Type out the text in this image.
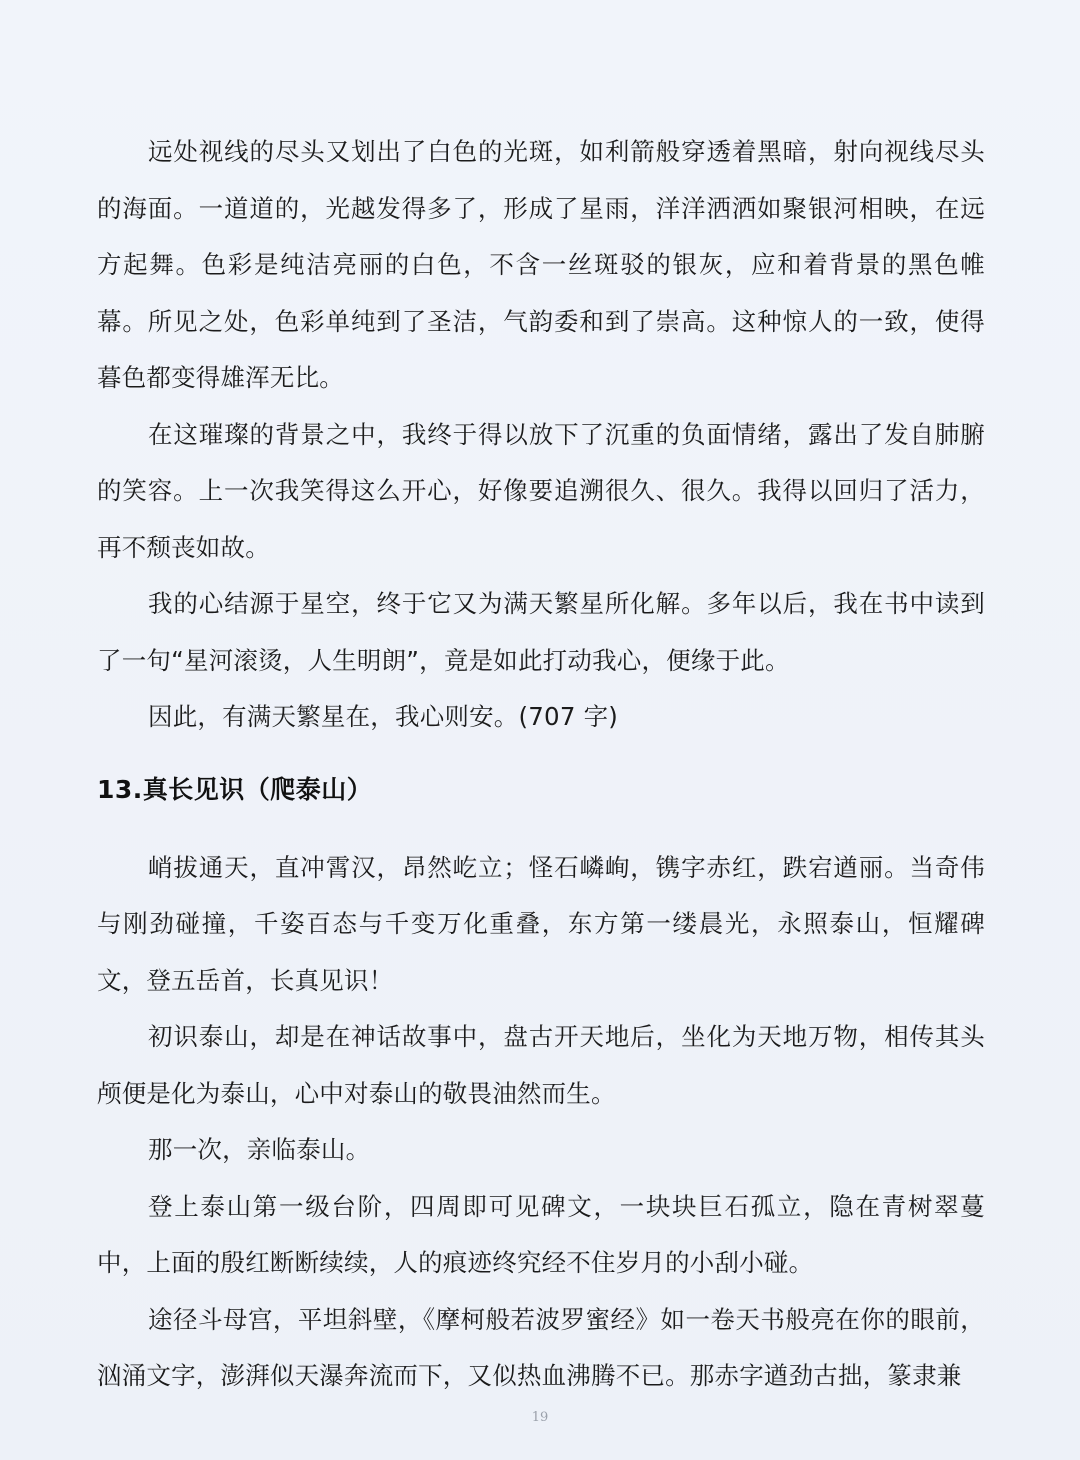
远处视线的尽头又划出了白色的光斑，如利箭般穿透着黑暗，射向视线尽头的海面。一道道的，光越发得多了，形成了星雨，洋洋洒洒如聚银河相映，在远方起舞。色彩是纯洁亮丽的白色，不含一丝斑驳的银灰，应和着背景的黑色帷幕。所见之处，色彩单纯到了圣洁，气韵委和到了崇高。这种惊人的一致，使得暮色都变得雄浑无比。

在这璀璨的背景之中，我终于得以放下了沉重的负面情绪，露出了发自肺腑的笑容。上一次我笑得这么开心，好像要追溯很久、很久。我得以回归了活力，再不颓丧如故。

我的心结源于星空，终于它又为满天繁星所化解。多年以后，我在书中读到了一句“星河滚烫，人生明朗”，竟是如此打动我心，便缘于此。

因此，有满天繁星在，我心则安。(707 字)

13.真长见识（爬泰山）

峭拔通天，直冲霄汉，昂然屹立；怪石嶙峋，镌字赤红，跌宕遒丽。当奇伟与刚劲碰撞，千姿百态与千变万化重叠，东方第一缕晨光，永照泰山，恒耀碑文，登五岳首，长真见识！

初识泰山，却是在神话故事中，盘古开天地后，坐化为天地万物，相传其头颅便是化为泰山，心中对泰山的敬畏油然而生。

那一次，亲临泰山。

登上泰山第一级台阶，四周即可见碑文，一块块巨石孤立，隐在青树翠蔓中，上面的殷红断断续续，人的痕迹终究经不住岁月的小刮小碰。

途径斗母宫，平坦斜壁，《摩柯般若波罗蜜经》如一卷天书般亮在你的眼前，汹涌文字，澎湃似天瀑奔流而下，又似热血沸腾不已。那赤字遒劲古拙，篆隶兼

19
